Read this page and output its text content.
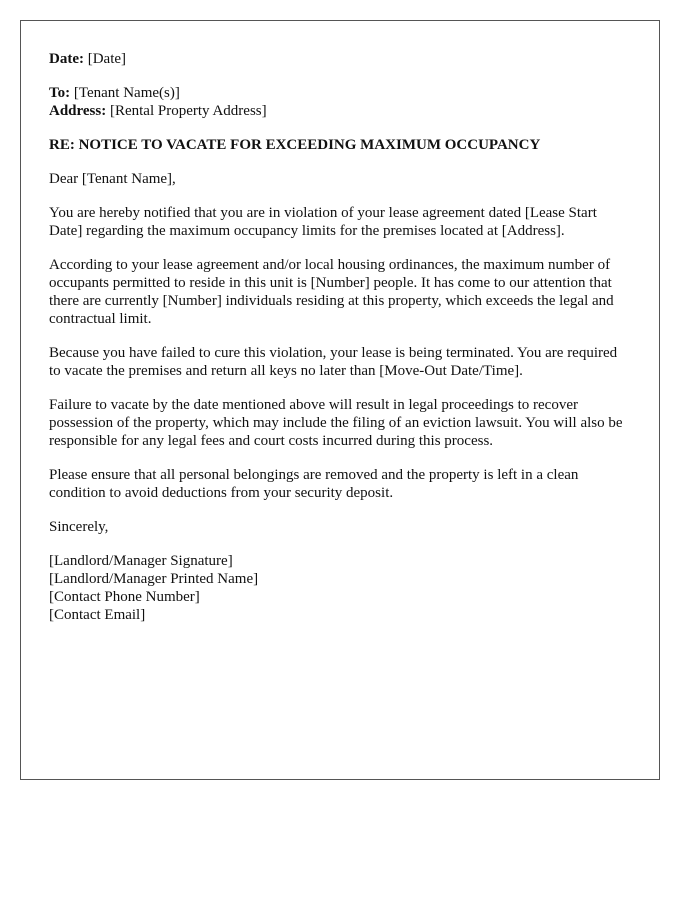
Date: [Date]
To: [Tenant Name(s)]
Address: [Rental Property Address]
RE: NOTICE TO VACATE FOR EXCEEDING MAXIMUM OCCUPANCY

Dear [Tenant Name],

You are hereby notified that you are in violation of your lease agreement dated [Lease Start Date] regarding the maximum occupancy limits for the premises located at [Address].

According to your lease agreement and/or local housing ordinances, the maximum number of occupants permitted to reside in this unit is [Number] people. It has come to our attention that there are currently [Number] individuals residing at this property, which exceeds the legal and contractual limit.

Because you have failed to cure this violation, your lease is being terminated. You are required to vacate the premises and return all keys no later than [Move-Out Date/Time].

Failure to vacate by the date mentioned above will result in legal proceedings to recover possession of the property, which may include the filing of an eviction lawsuit. You will also be responsible for any legal fees and court costs incurred during this process.

Please ensure that all personal belongings are removed and the property is left in a clean condition to avoid deductions from your security deposit.

Sincerely,

[Landlord/Manager Signature]
[Landlord/Manager Printed Name]
[Contact Phone Number]
[Contact Email]
